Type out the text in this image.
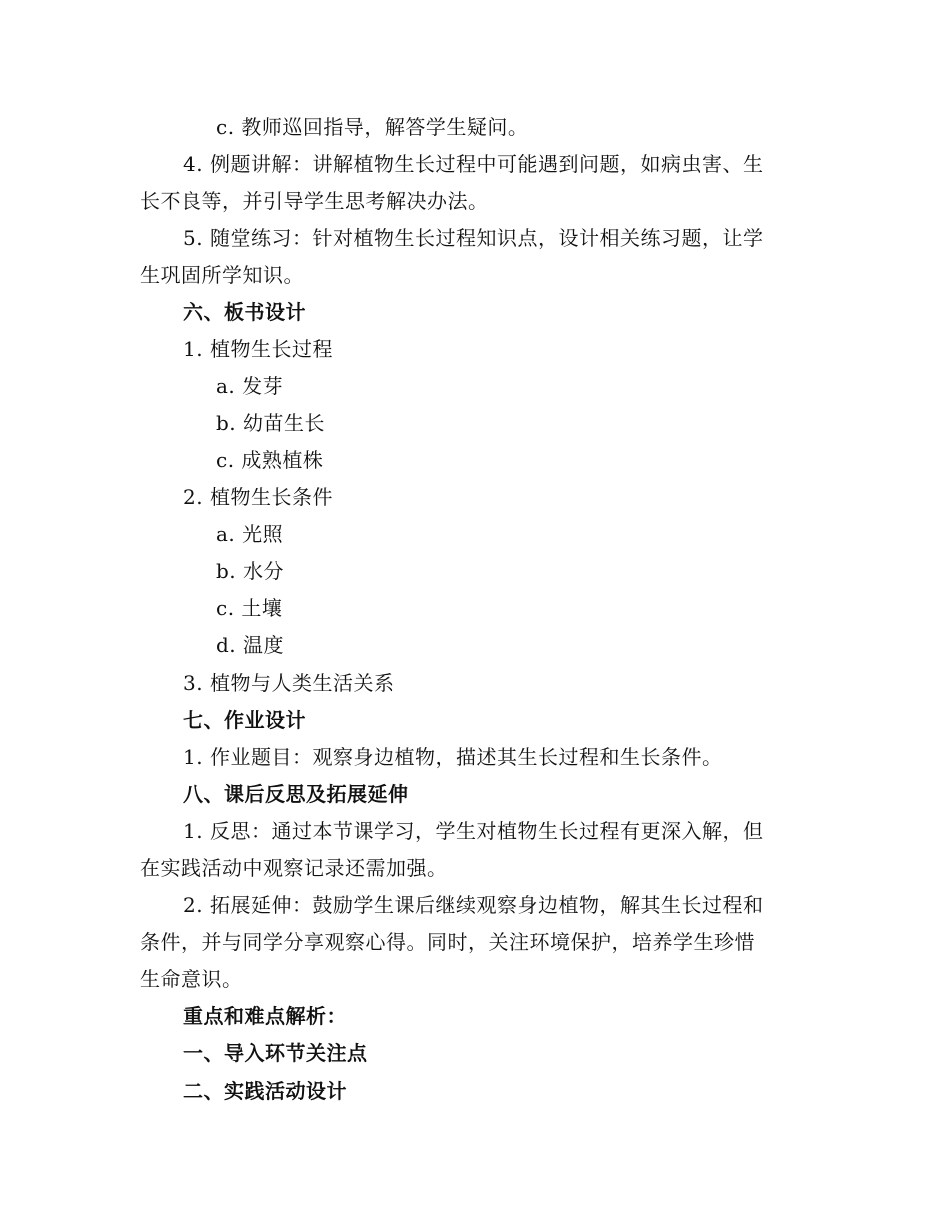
c. 教师巡回指导，解答学生疑问。
4. 例题讲解：讲解植物生长过程中可能遇到问题，如病虫害、生
长不良等，并引导学生思考解决办法。
5. 随堂练习：针对植物生长过程知识点，设计相关练习题，让学
生巩固所学知识。
六、板书设计
1. 植物生长过程
a. 发芽
b. 幼苗生长
c. 成熟植株
2. 植物生长条件
a. 光照
b. 水分
c. 土壤
d. 温度
3. 植物与人类生活关系
七、作业设计
1. 作业题目：观察身边植物，描述其生长过程和生长条件。
八、课后反思及拓展延伸
1. 反思：通过本节课学习，学生对植物生长过程有更深入解，但
在实践活动中观察记录还需加强。
2. 拓展延伸：鼓励学生课后继续观察身边植物，解其生长过程和
条件，并与同学分享观察心得。同时，关注环境保护，培养学生珍惜
生命意识。
重点和难点解析：
一、导入环节关注点
二、实践活动设计
